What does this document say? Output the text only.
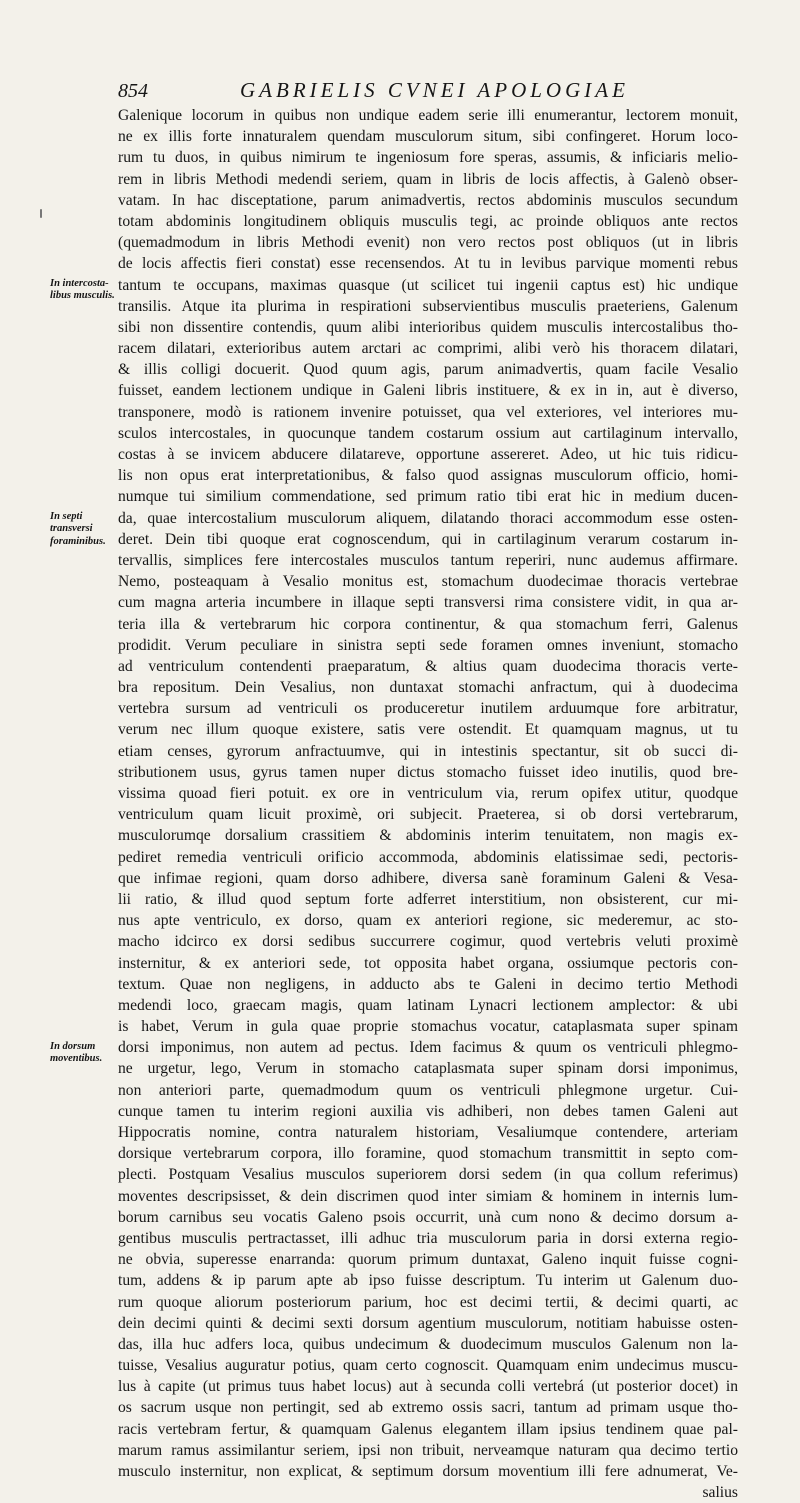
854	GABRIELIS CVNEI APOLOGIAE
Galenique locorum in quibus non undique eadem serie illi enumerantur, lectorem monuit,
ne ex illis forte innaturalem quendam musculorum situm, sibi confingeret. Horum loco-
rum tu duos, in quibus nimirum te ingeniosum fore speras, assumis, & inficiaris melio-
rem in libris Methodi medendi seriem, quam in libris de locis affectis, à Galenò obser-
vatam. In hac disceptatione, parum animadvertis, rectos abdominis musculos secundum
totam abdominis longitudinem obliquis musculis tegi, ac proinde obliquos ante rectos
(quemadmodum in libris Methodi evenit) non vero rectos post obliquos (ut in libris
de locis affectis fieri constat) esse recensendos. At tu in levibus parvique momenti rebus
tantum te occupans, maximas quasque (ut scilicet tui ingenii captus est) hic undique
transilis. Atque ita plurima in respirationi subservientibus musculis praeteriens, Galenum
sibi non dissentire contendis, quum alibi interioribus quidem musculis intercostalibus tho-
racem dilatari, exterioribus autem arctari ac comprimi, alibi verò his thoracem dilatari,
& illis colligi docuerit. Quod quum agis, parum animadvertis, quam facile Vesalio
fuisset, eandem lectionem undique in Galeni libris instituere, & ex in in, aut è diverso,
transponere, modò is rationem invenire potuisset, qua vel exteriores, vel interiores mu-
sculos intercostales, in quocunque tandem costarum ossium aut cartilaginum intervallo,
costas à se invicem abducere dilatareve, opportune assereret. Adeo, ut hic tuis ridicu-
lis non opus erat interpretationibus, & falso quod assignas musculorum officio, homi-
numque tui similium commendatione, sed primum ratio tibi erat hic in medium ducen-
da, quae intercostalium musculorum aliquem, dilatando thoraci accommodum esse osten-
deret. Dein tibi quoque erat cognoscendum, qui in cartilaginum verarum costarum in-
tervallis, simplices fere intercostales musculos tantum reperiri, nunc audemus affirmare.
Nemo, posteaquam à Vesalio monitus est, stomachum duodecimae thoracis vertebrae
cum magna arteria incumbere in illaque septi transversi rima consistere vidit, in qua ar-
teria illa & vertebrarum hic corpora continentur, & qua stomachum ferri, Galenus
prodidit. Verum peculiare in sinistra septi sede foramen omnes inveniunt, stomacho
ad ventriculum contendenti praeparatum, & altius quam duodecima thoracis verte-
bra repositum. Dein Vesalius, non duntaxat stomachi anfractum, qui à duodecima
vertebra sursum ad ventriculi os produceretur inutilem arduumque fore arbitratur,
verum nec illum quoque existere, satis vere ostendit. Et quamquam magnus, ut tu
etiam censes, gyrorum anfractuumve, qui in intestinis spectantur, sit ob succi di-
stributionem usus, gyrus tamen nuper dictus stomacho fuisset ideo inutilis, quod bre-
vissima quoad fieri potuit. ex ore in ventriculum via, rerum opifex utitur, quodque
ventriculum quam licuit proximè, ori subjecit. Praeterea, si ob dorsi vertebrarum,
musculorumqe dorsalium crassitiem & abdominis interim tenuitatem, non magis ex-
pediret remedia ventriculi orificio accommoda, abdominis elatissimae sedi, pectoris-
que infimae regioni, quam dorso adhibere, diversa sanè foraminum Galeni & Vesa-
lii ratio, & illud quod septum forte adferret interstitium, non obsisterent, cur mi-
nus apte ventriculo, ex dorso, quam ex anteriori regione, sic mederemur, ac sto-
macho idcirco ex dorsi sedibus succurrere cogimur, quod vertebris veluti proximè
insternitur, & ex anteriori sede, tot opposita habet organa, ossiumque pectoris con-
textum. Quae non negligens, in adducto abs te Galeni in decimo tertio Methodi
medendi loco, graecam magis, quam latinam Lynacri lectionem amplector: & ubi
is habet, Verum in gula quae proprie stomachus vocatur, cataplasmata super spinam
dorsi imponimus, non autem ad pectus. Idem facimus & quum os ventriculi phlegmo-
ne urgetur, lego, Verum in stomacho cataplasmata super spinam dorsi imponimus,
non anteriori parte, quemadmodum quum os ventriculi phlegmone urgetur. Cui-
cunque tamen tu interim regioni auxilia vis adhiberi, non debes tamen Galeni aut
Hippocratis nomine, contra naturalem historiam, Vesaliumque contendere, arteriam
dorsique vertebrarum corpora, illo foramine, quod stomachum transmittit in septo com-
plecti. Postquam Vesalius musculos superiorem dorsi sedem (in qua collum referimus)
moventes descripsisset, & dein discrimen quod inter simiam & hominem in internis lum-
borum carnibus seu vocatis Galeno psois occurrit, unà cum nono & decimo dorsum a-
gentibus musculis pertractasset, illi adhuc tria musculorum paria in dorsi externa regio-
ne obvia, superesse enarranda: quorum primum duntaxat, Galeno inquit fuisse cogni-
tum, addens & ip parum apte ab ipso fuisse descriptum. Tu interim ut Galenum duo-
rum quoque aliorum posteriorum parium, hoc est decimi tertii, & decimi quarti, ac
dein decimi quinti & decimi sexti dorsum agentium musculorum, notitiam habuisse osten-
das, illa huc adfers loca, quibus undecimum & duodecimum musculos Galenum non la-
tuisse, Vesalius auguratur potius, quam certo cognoscit. Quamquam enim undecimus muscu-
lus à capite (ut primus tuus habet locus) aut à secunda colli vertebrá (ut posterior docet) in
os sacrum usque non pertingit, sed ab extremo ossis sacri, tantum ad primam usque tho-
racis vertebram fertur, & quamquam Galenus elegantem illam ipsius tendinem quae pal-
marum ramus assimilantur seriem, ipsi non tribuit, nerveamque naturam qua decimo tertio
musculo insternitur, non explicat, & septimum dorsum moventium illi fere adnumerat, Ve-
salius
In intercosta- libus musculis.
In septi transversi foraminibus.
In dorsum moventibus.
